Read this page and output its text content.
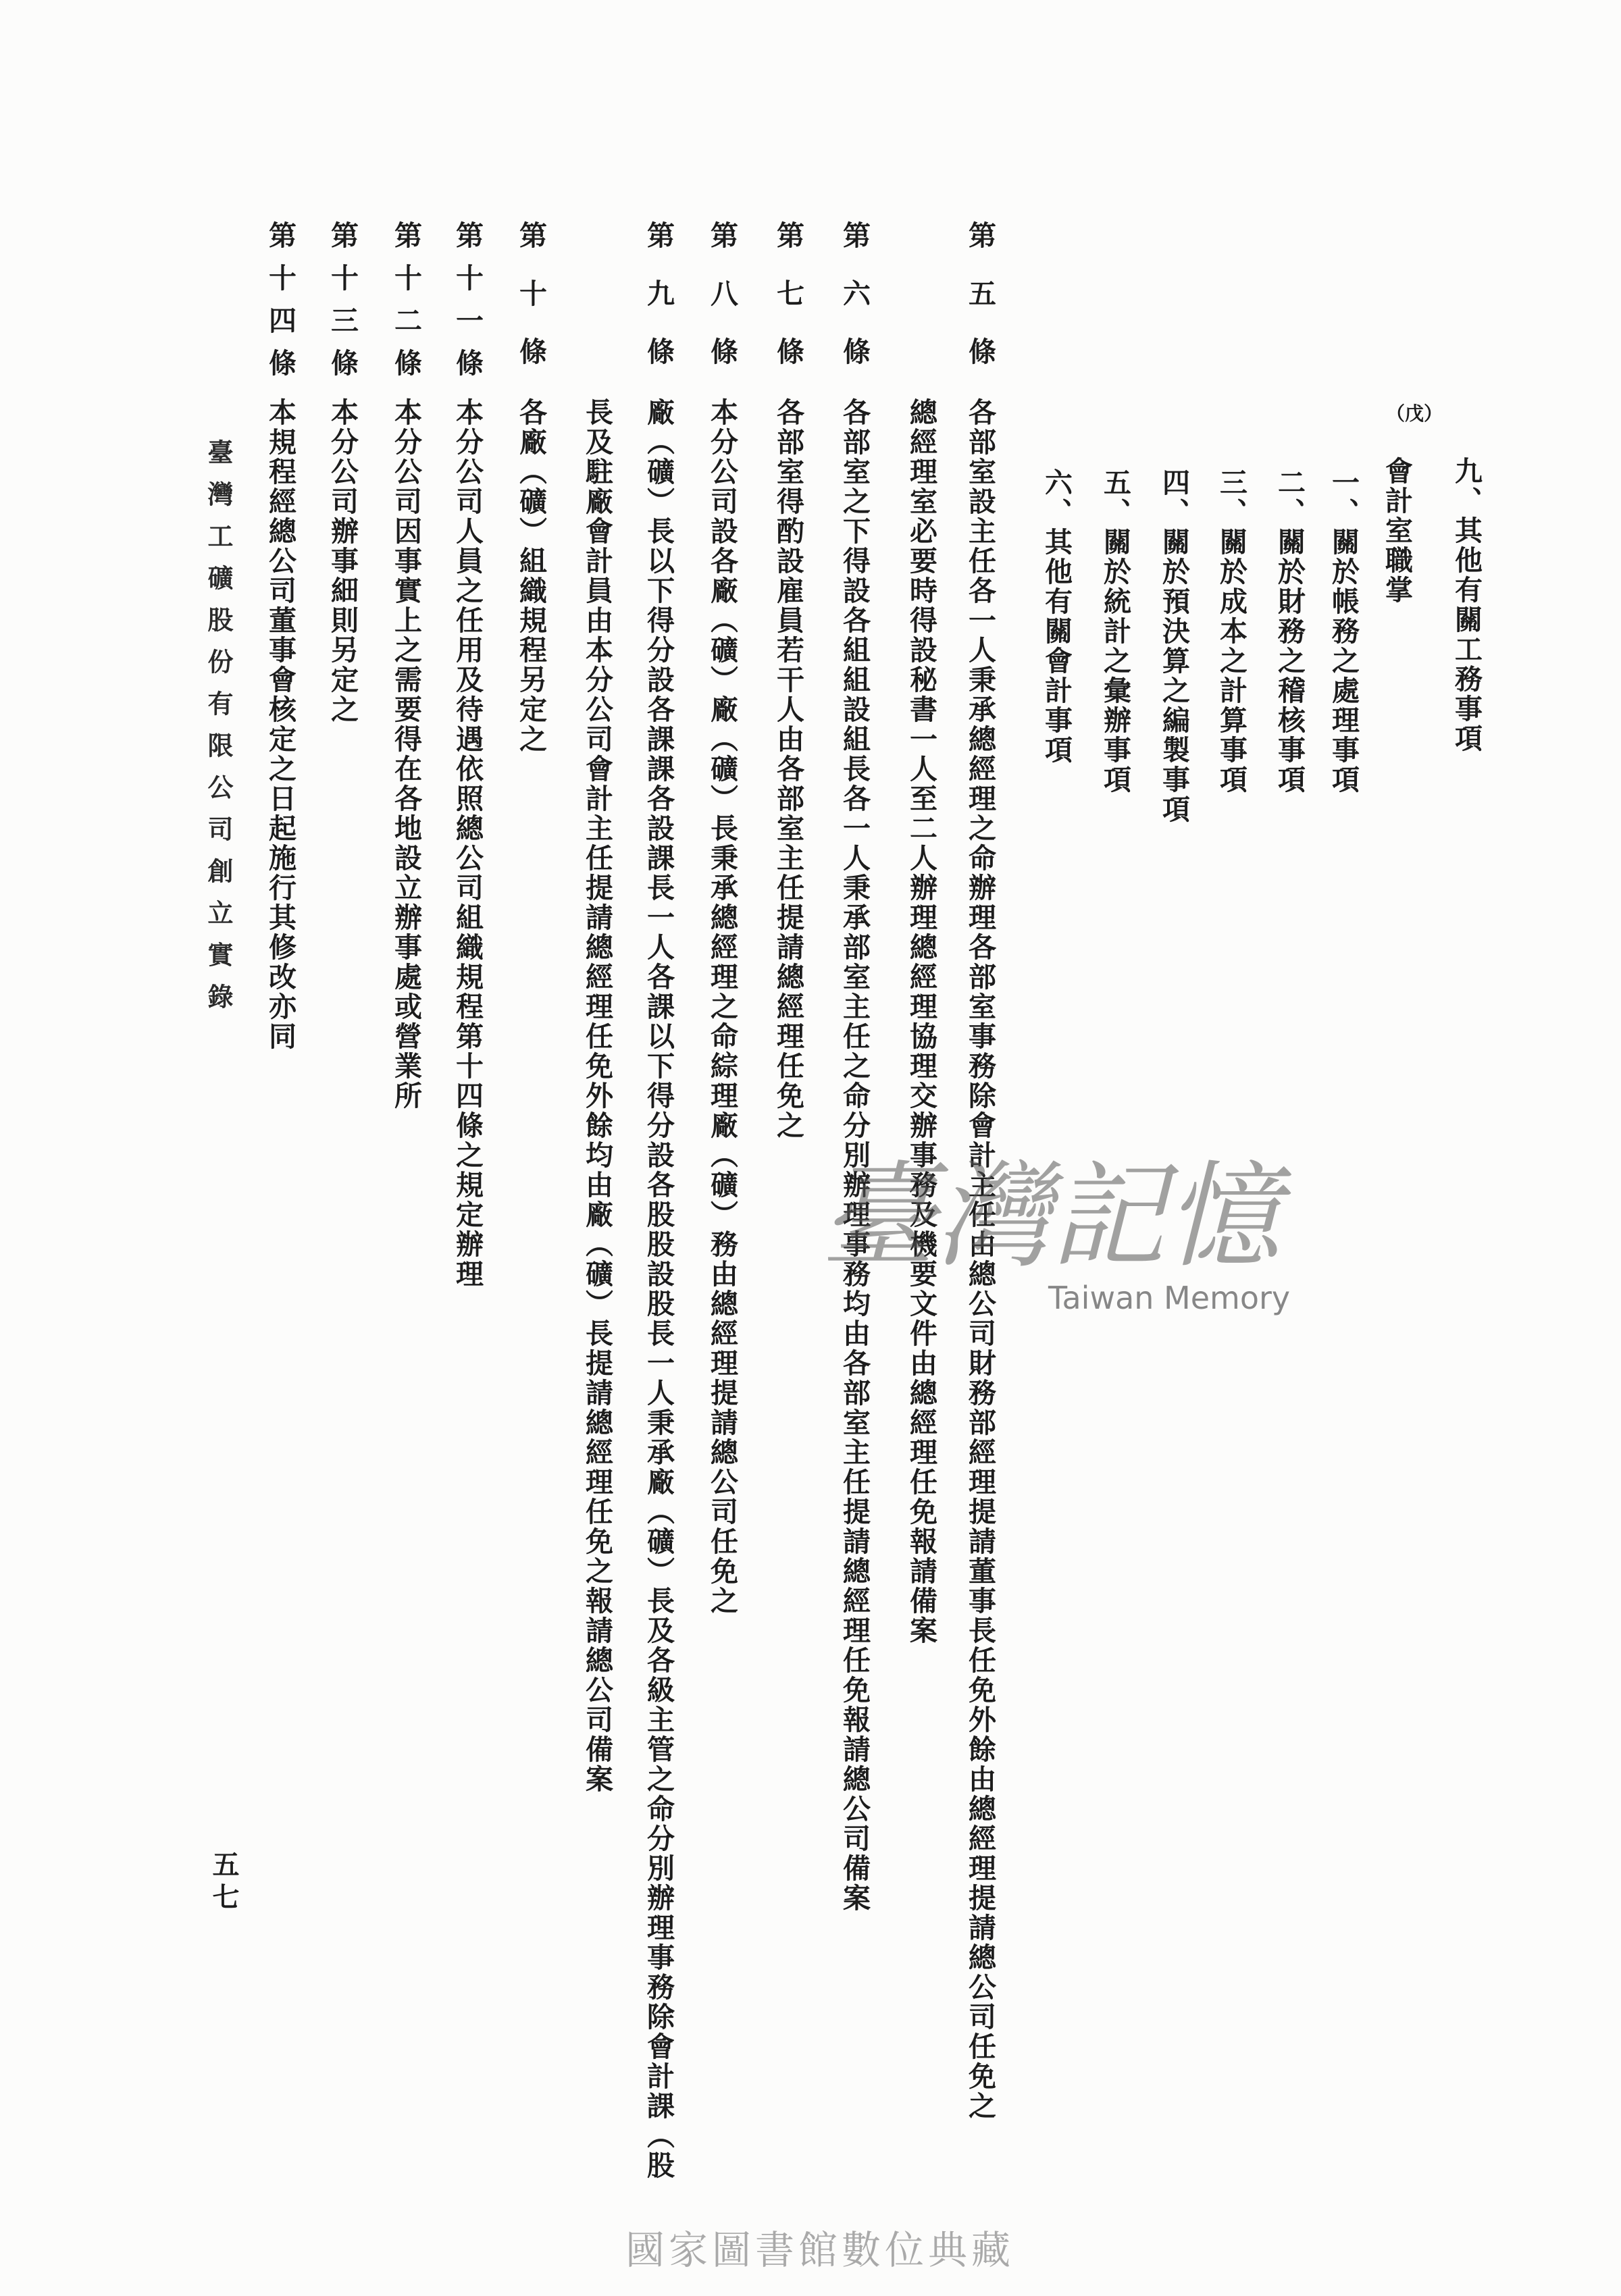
九、其他有關工務事項
（戊）
會計室職掌
一、關於帳務之處理事項
二、關於財務之稽核事項
三、關於成本之計算事項
四、關於預決算之編製事項
五、關於統計之彙辦事項
六、其他有關會計事項
第五條
各部室設主任各一人秉承總經理之命辦理各部室事務除會計主任由總公司財務部經理提請董事長任免外餘由總經理提請總公司任免之
總經理室必要時得設秘書一人至二人辦理總經理協理交辦事務及機要文件由總經理任免報請備案
第六條
各部室之下得設各組組設組長各一人秉承部室主任之命分別辦理事務均由各部室主任提請總經理任免報請總公司備案
第七條
各部室得酌設雇員若干人由各部室主任提請總經理任免之
第八條
本分公司設各廠（礦）廠（礦）長秉承總經理之命綜理廠（礦）務由總經理提請總公司任免之
第九條
廠（礦）長以下得分設各課課各設課長一人各課以下得分設各股股設股長一人秉承廠（礦）長及各級主管之命分別辦理事務除會計課（股
長及駐廠會計員由本分公司會計主任提請總經理任免外餘均由廠（礦）長提請總經理任免之報請總公司備案
第十條
各廠（礦）組織規程另定之
第十一條
本分公司人員之任用及待遇依照總公司組織規程第十四條之規定辦理
第十二條
本分公司因事實上之需要得在各地設立辦事處或營業所
第十三條
本分公司辦事細則另定之
第十四條
本規程經總公司董事會核定之日起施行其修改亦同
臺灣工礦股份有限公司創立實錄
五七
臺灣記憶
Taiwan Memory
國家圖書館數位典藏
